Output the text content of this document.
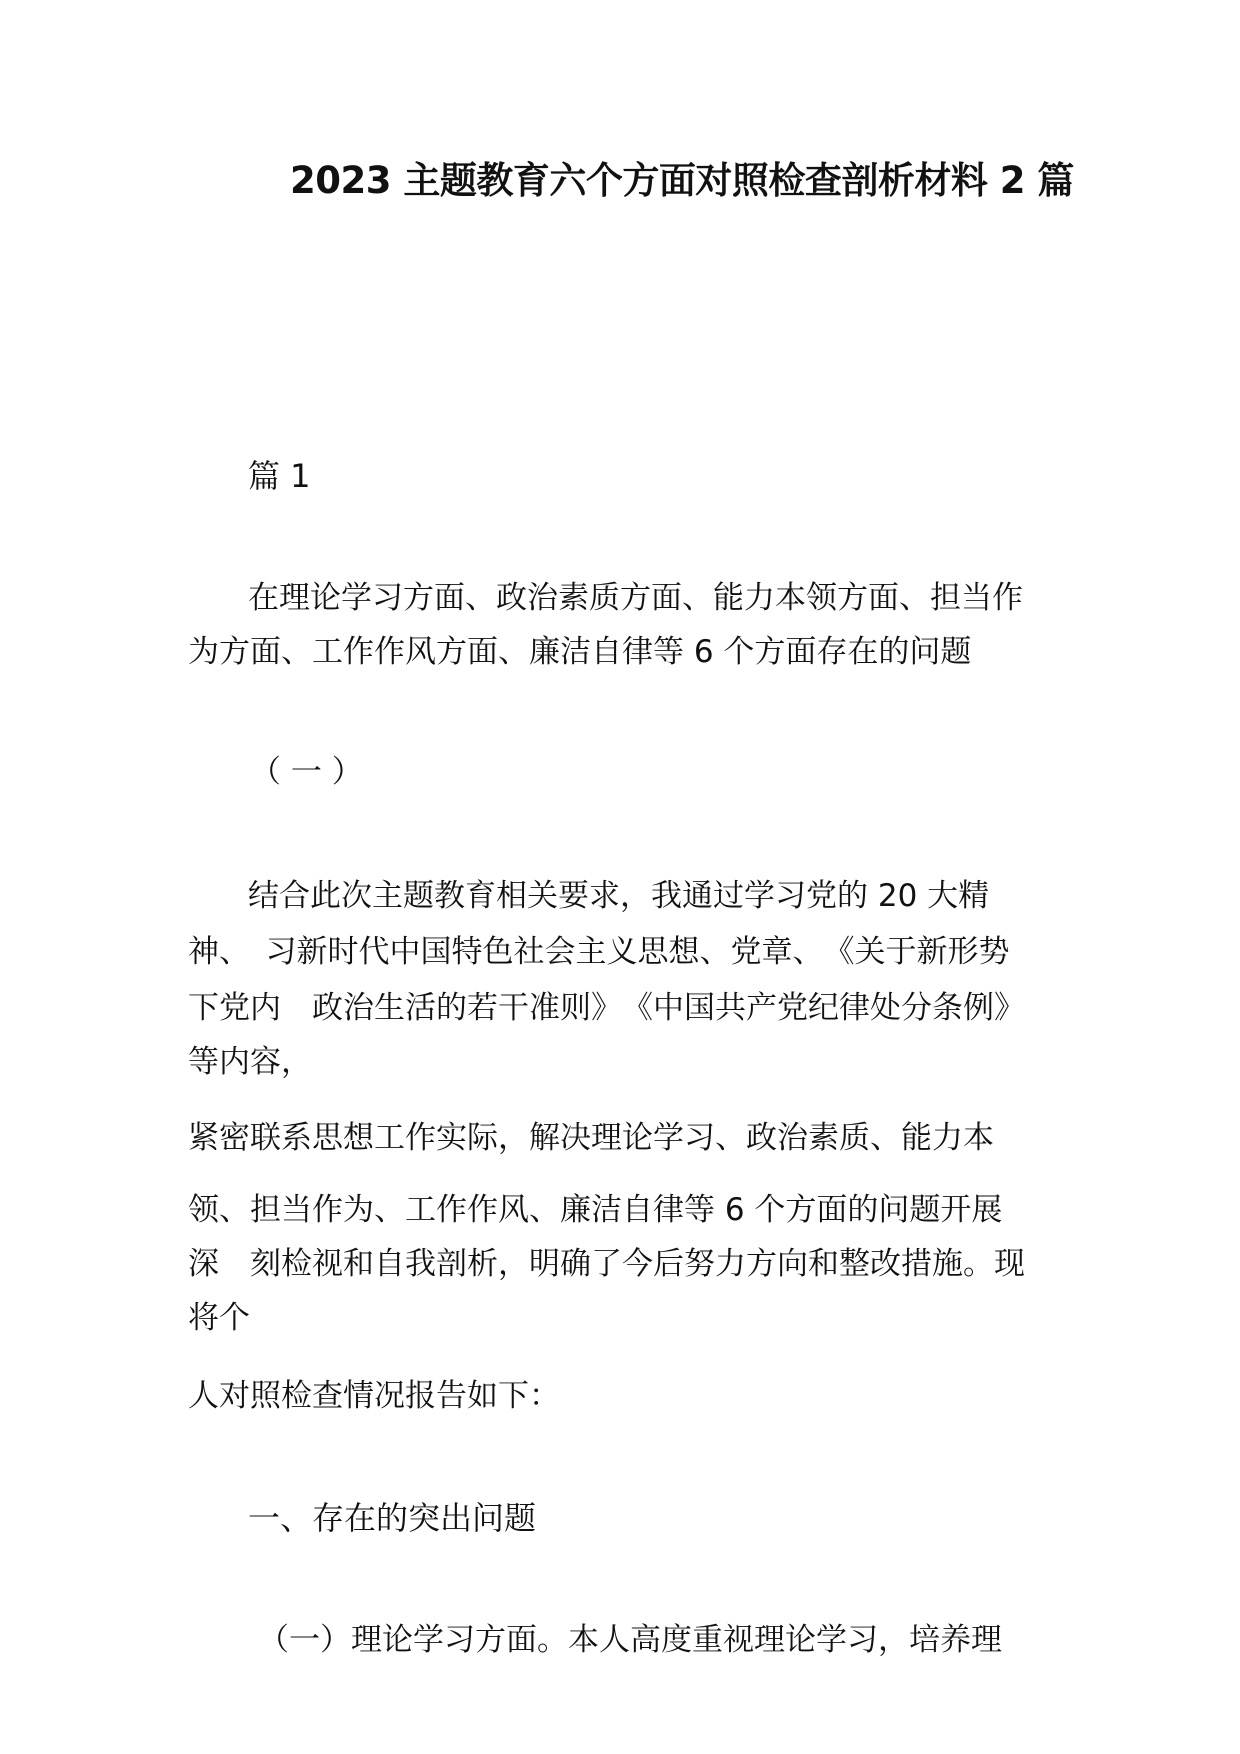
2023 主题教育六个方面对照检查剖析材料 2 篇
篇 1
在理论学习方面、政治素质方面、能力本领方面、担当作
为方面、工作作风方面、廉洁自律等 6 个方面存在的问题
（ 一 ）
结合此次主题教育相关要求，我通过学习党的 20 大精
神、　习新时代中国特色社会主义思想、党章、　《关于新形势
下党内　政治生活的若干准则》　《中国共产党纪律处分条例》
等内容，
紧密联系思想工作实际，解决理论学习、政治素质、能力本
领、担当作为、工作作风、廉洁自律等 6 个方面的问题开展
深　刻检视和自我剖析，明确了今后努力方向和整改措施。现
将个
人对照检查情况报告如下：
一、存在的突出问题
（一）理论学习方面。本人高度重视理论学习，培养理
